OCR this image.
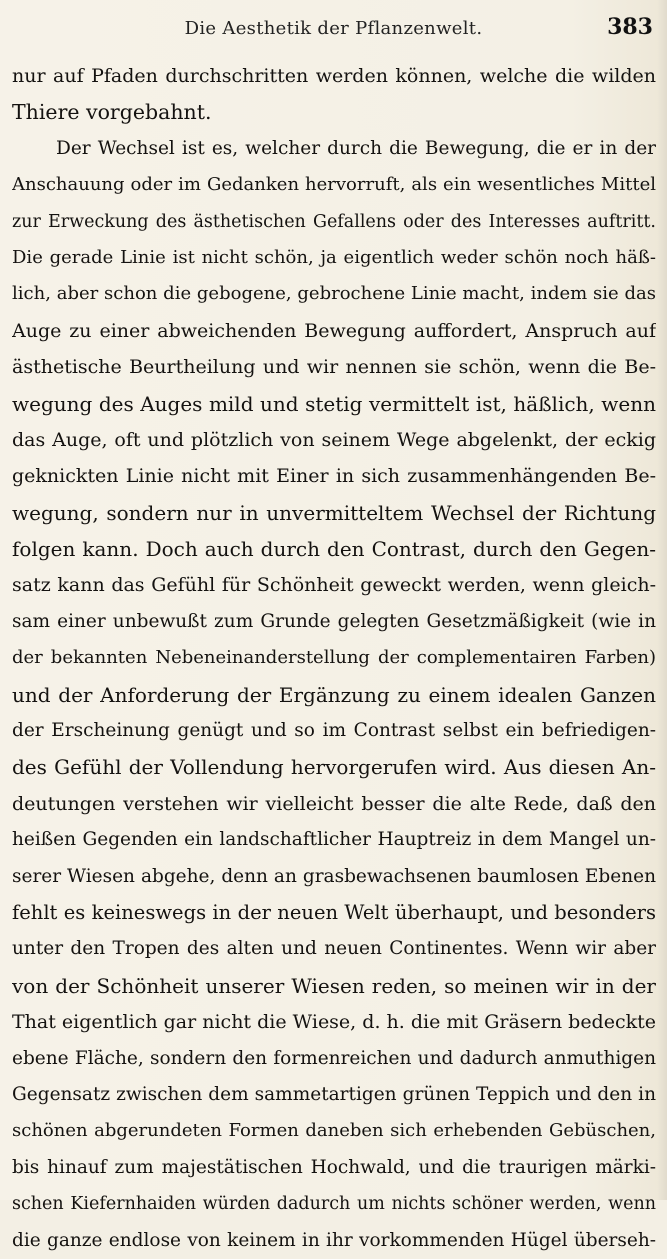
Die Aesthetik der Pflanzenwelt.	383
nur auf Pfaden durchschritten werden können, welche die wilden
Thiere vorgebahnt.
Der Wechsel ist es, welcher durch die Bewegung, die er in der
Anschauung oder im Gedanken hervorruft, als ein wesentliches Mittel
zur Erweckung des ästhetischen Gefallens oder des Interesses auftritt.
Die gerade Linie ist nicht schön, ja eigentlich weder schön noch häß-
lich, aber schon die gebogene, gebrochene Linie macht, indem sie das
Auge zu einer abweichenden Bewegung auffordert, Anspruch auf
ästhetische Beurtheilung und wir nennen sie schön, wenn die Be-
wegung des Auges mild und stetig vermittelt ist, häßlich, wenn
das Auge, oft und plötzlich von seinem Wege abgelenkt, der eckig
geknickten Linie nicht mit Einer in sich zusammenhängenden Be-
wegung, sondern nur in unvermitteltem Wechsel der Richtung
folgen kann. Doch auch durch den Contrast, durch den Gegen-
satz kann das Gefühl für Schönheit geweckt werden, wenn gleich-
sam einer unbewußt zum Grunde gelegten Gesetzmäßigkeit (wie in
der bekannten Nebeneinanderstellung der complementairen Farben)
und der Anforderung der Ergänzung zu einem idealen Ganzen
der Erscheinung genügt und so im Contrast selbst ein befriedigen-
des Gefühl der Vollendung hervorgerufen wird. Aus diesen An-
deutungen verstehen wir vielleicht besser die alte Rede, daß den
heißen Gegenden ein landschaftlicher Hauptreiz in dem Mangel un-
serer Wiesen abgehe, denn an grasbewachsenen baumlosen Ebenen
fehlt es keineswegs in der neuen Welt überhaupt, und besonders
unter den Tropen des alten und neuen Continentes. Wenn wir aber
von der Schönheit unserer Wiesen reden, so meinen wir in der
That eigentlich gar nicht die Wiese, d. h. die mit Gräsern bedeckte
ebene Fläche, sondern den formenreichen und dadurch anmuthigen
Gegensatz zwischen dem sammetartigen grünen Teppich und den in
schönen abgerundeten Formen daneben sich erhebenden Gebüschen,
bis hinauf zum majestätischen Hochwald, und die traurigen märki-
schen Kiefernhaiden würden dadurch um nichts schöner werden, wenn
die ganze endlose von keinem in ihr vorkommenden Hügel überseh-
